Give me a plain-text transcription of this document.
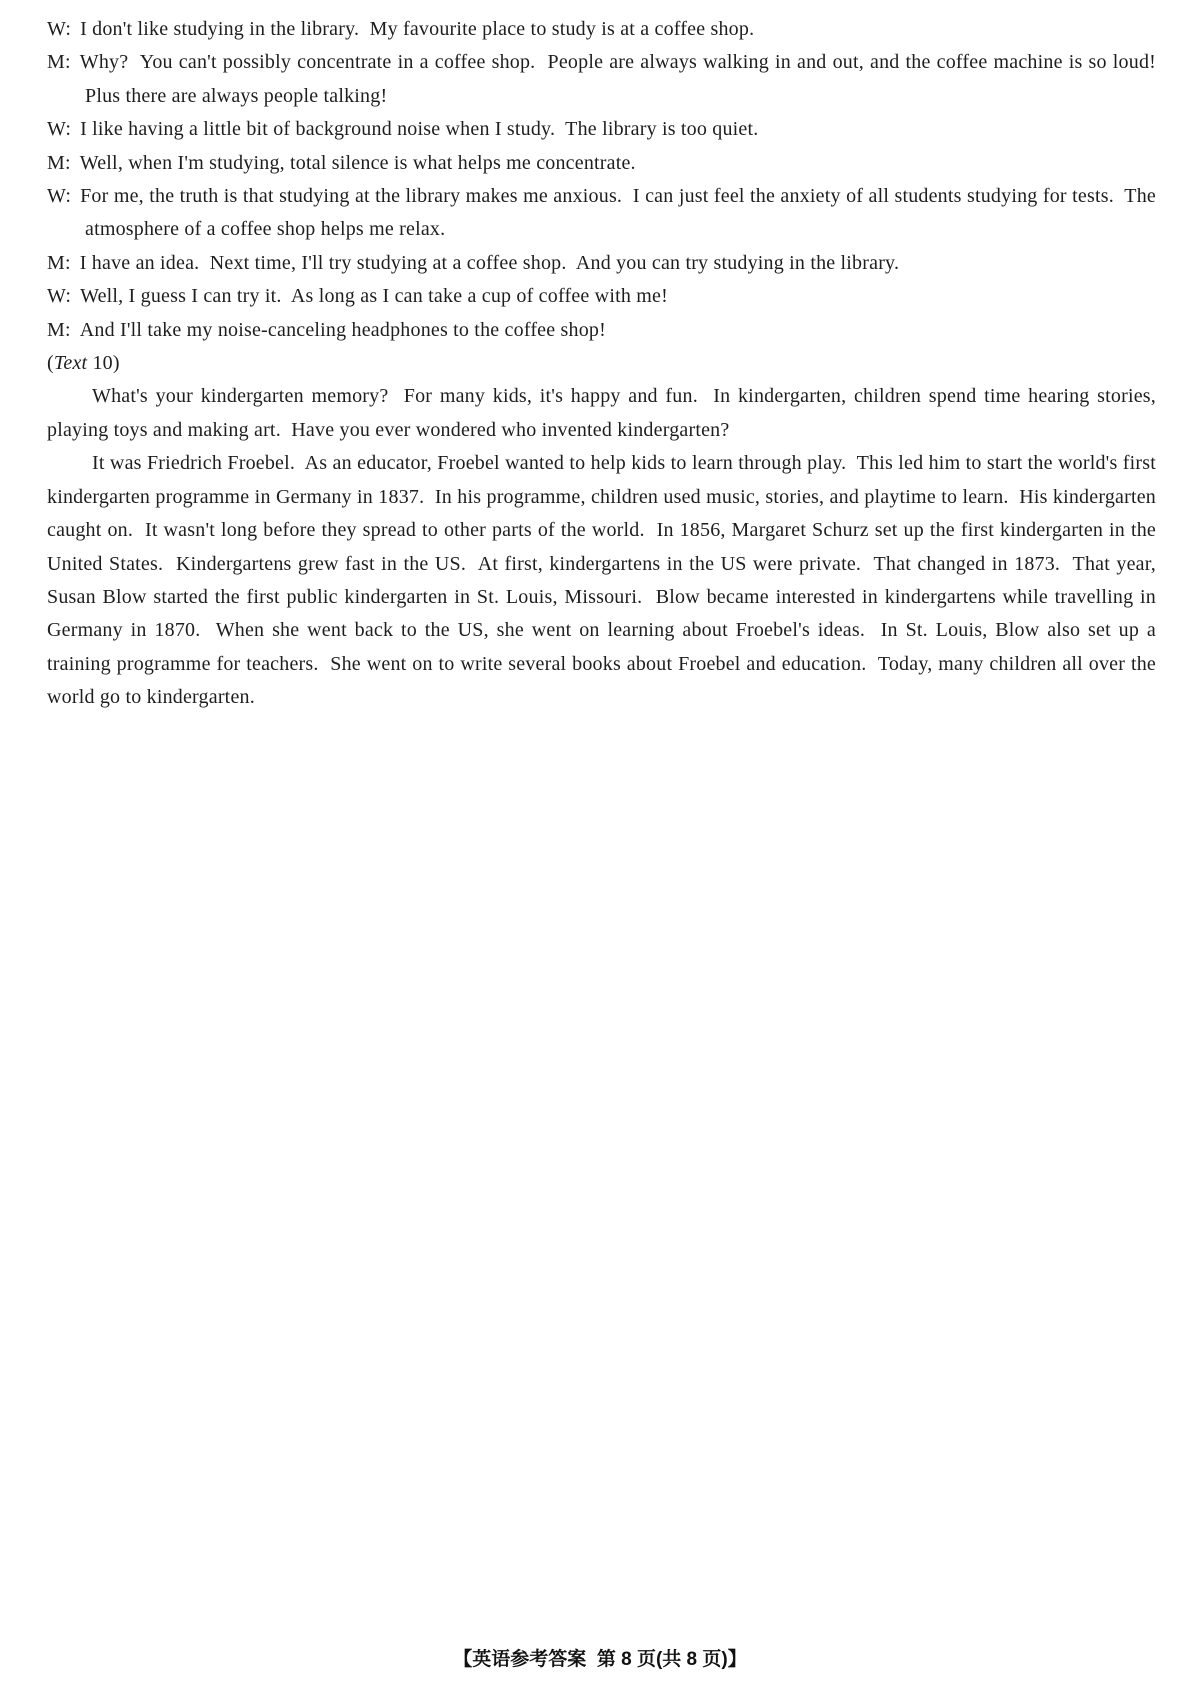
W: I don't like studying in the library.  My favourite place to study is at a coffee shop.

M: Why?  You can't possibly concentrate in a coffee shop.  People are always walking in and out, and the coffee machine is so loud!  Plus there are always people talking!

W: I like having a little bit of background noise when I study.  The library is too quiet.

M: Well, when I'm studying, total silence is what helps me concentrate.

W: For me, the truth is that studying at the library makes me anxious.  I can just feel the anxiety of all students studying for tests.  The atmosphere of a coffee shop helps me relax.

M: I have an idea.  Next time, I'll try studying at a coffee shop.  And you can try studying in the library.

W: Well, I guess I can try it.  As long as I can take a cup of coffee with me!

M: And I'll take my noise-canceling headphones to the coffee shop!

(Text 10)

What's your kindergarten memory?  For many kids, it's happy and fun.  In kindergarten, children spend time hearing stories, playing toys and making art.  Have you ever wondered who invented kindergarten?

It was Friedrich Froebel.  As an educator, Froebel wanted to help kids to learn through play.  This led him to start the world's first kindergarten programme in Germany in 1837.  In his programme, children used music, stories, and playtime to learn.  His kindergarten caught on.  It wasn't long before they spread to other parts of the world.  In 1856, Margaret Schurz set up the first kindergarten in the United States.  Kindergartens grew fast in the US.  At first, kindergartens in the US were private.  That changed in 1873.  That year, Susan Blow started the first public kindergarten in St. Louis, Missouri.  Blow became interested in kindergartens while travelling in Germany in 1870.  When she went back to the US, she went on learning about Froebel's ideas.  In St. Louis, Blow also set up a training programme for teachers.  She went on to write several books about Froebel and education.  Today, many children all over the world go to kindergarten.

【英语参考答案  第 8 页(共 8 页)】
